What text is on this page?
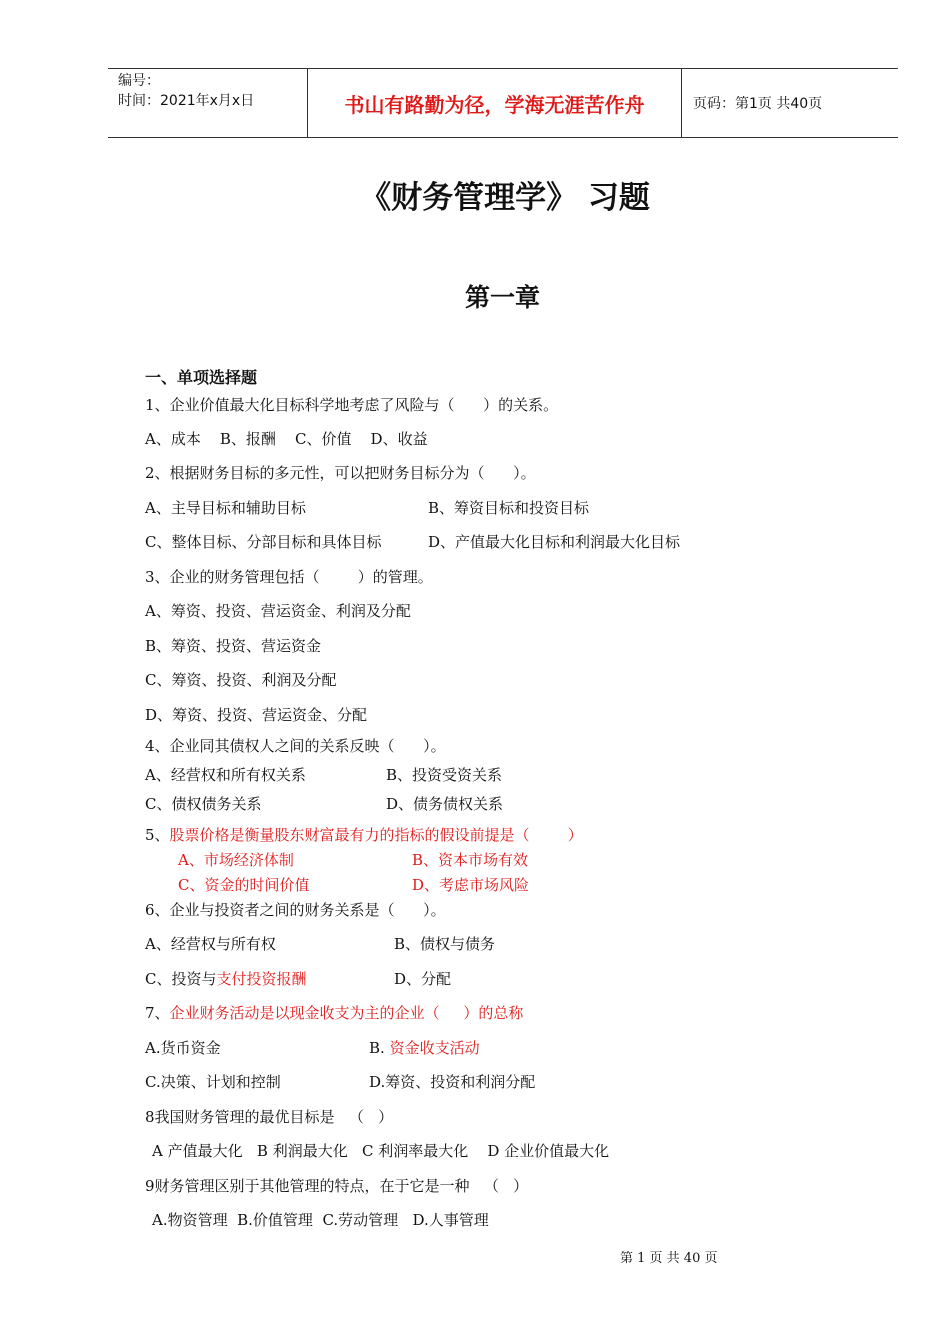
编号：
时间：2021年x月x日	书山有路勤为径，学海无涯苦作舟	页码：第1页 共40页
《财务管理学》 习题
第一章
一、单项选择题
1、企业价值最大化目标科学地考虑了风险与（      ）的关系。
A、成本    B、报酬    C、价值    D、收益
2、根据财务目标的多元性，可以把财务目标分为（      ）。
A、主导目标和辅助目标	B、筹资目标和投资目标
C、整体目标、分部目标和具体目标	D、产值最大化目标和利润最大化目标
3、企业的财务管理包括（        ）的管理。
A、筹资、投资、营运资金、利润及分配
B、筹资、投资、营运资金
C、筹资、投资、利润及分配
D、筹资、投资、营运资金、分配
4、企业同其债权人之间的关系反映（      ）。
A、经营权和所有权关系	B、投资受资关系
C、债权债务关系	D、债务债权关系
5、股票价格是衡量股东财富最有力的指标的假设前提是（        ）
A、市场经济体制	B、资本市场有效
C、资金的时间价值	D、考虑市场风险
6、企业与投资者之间的财务关系是（      ）。
A、经营权与所有权	B、债权与债务
C、投资与支付投资报酬	D、分配
7、企业财务活动是以现金收支为主的企业（     ）的总称
A.货币资金	B. 资金收支活动
C.决策、计划和控制	D.筹资、投资和利润分配
8我国财务管理的最优目标是   （   ）
A 产值最大化   B 利润最大化   C 利润率最大化    D 企业价值最大化
9财务管理区别于其他管理的特点，在于它是一种   （   ）
A.物资管理  B.价值管理  C.劳动管理   D.人事管理
第 1 页 共 40 页
